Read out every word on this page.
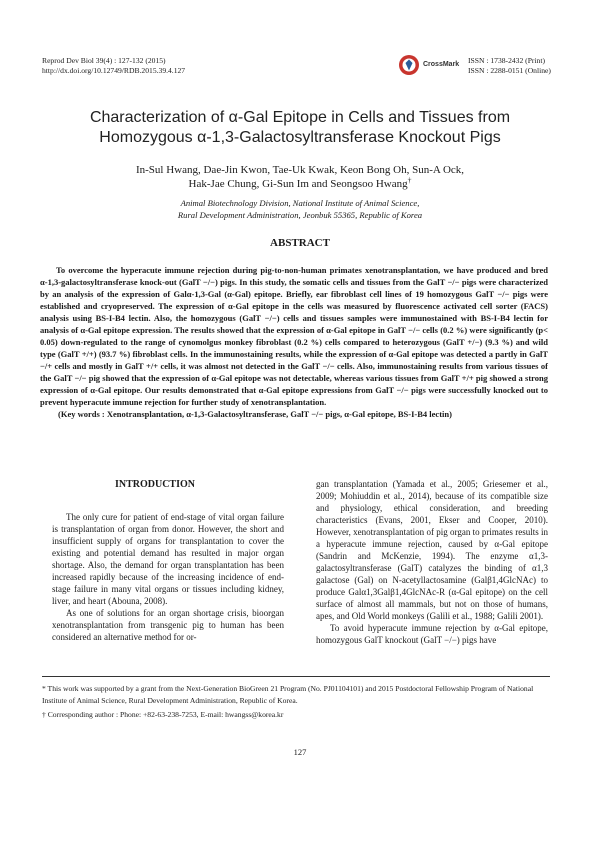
Reprod Dev Biol 39(4) : 127-132 (2015)
http://dx.doi.org/10.12749/RDB.2015.39.4.127
CrossMark ISSN : 1738-2432 (Print)
ISSN : 2288-0151 (Online)
Characterization of α-Gal Epitope in Cells and Tissues from
Homozygous α-1,3-Galactosyltransferase Knockout Pigs
In-Sul Hwang, Dae-Jin Kwon, Tae-Uk Kwak, Keon Bong Oh, Sun-A Ock,
Hak-Jae Chung, Gi-Sun Im and Seongsoo Hwang†
Animal Biotechnology Division, National Institute of Animal Science,
Rural Development Administration, Jeonbuk 55365, Republic of Korea
ABSTRACT

To overcome the hyperacute immune rejection during pig-to-non-human primates xenotransplantation, we have produced and bred α-1,3-galactosyltransferase knock-out (GalT −/−) pigs. In this study, the somatic cells and tissues from the GalT −/− pigs were characterized by an analysis of the expression of Galα-1,3-Gal (α-Gal) epitope. Briefly, ear fibroblast cell lines of 19 homozygous GalT −/− pigs were established and cryopreserved. The expression of α-Gal epitope in the cells was measured by fluorescence activated cell sorter (FACS) analysis using BS-I-B4 lectin. Also, the homozygous (GalT −/−) cells and tissues samples were immunostained with BS-I-B4 lectin for analysis of α-Gal epitope expression. The results showed that the expression of α-Gal epitope in GalT −/− cells (0.2 %) were significantly (p< 0.05) down-regulated to the range of cynomolgus monkey fibroblast (0.2 %) cells compared to heterozygous (GalT +/−) (9.3 %) and wild type (GalT +/+) (93.7 %) fibroblast cells. In the immunostaining results, while the expression of α-Gal epitope was detected a partly in GalT −/+ cells and mostly in GalT +/+ cells, it was almost not detected in the GalT −/− cells. Also, immunostaining results from various tissues of the GalT −/− pig showed that the expression of α-Gal epitope was not detectable, whereas various tissues from GalT +/+ pig showed a strong expression of α-Gal epitope. Our results demonstrated that α-Gal epitope expressions from GalT −/− pigs were successfully knocked out to prevent hyperacute immune rejection for further study of xenotransplantation.

(Key words : Xenotransplantation, α-1,3-Galactosyltransferase, GalT −/− pigs, α-Gal epitope, BS-I-B4 lectin)

INTRODUCTION

The only cure for patient of end-stage of vital organ failure is transplantation of organ from donor. However, the short and insufficient supply of organs for transplantation to cover the existing and potential demand has resulted in major organ shortage. Also, the demand for organ transplantation has been increased rapidly because of the increasing incidence of end-stage failure in many vital organs or tissues including kidney, liver, and heart (Abouna, 2008).

As one of solutions for an organ shortage crisis, bioorgan xenotransplantation from transgenic pig to human has been considered an alternative method for or-

gan transplantation (Yamada et al., 2005; Griesemer et al., 2009; Mohiuddin et al., 2014), because of its compatible size and physiology, ethical consideration, and breeding characteristics (Evans, 2001, Ekser and Cooper, 2010). However, xenotransplantation of pig organ to primates results in a hyperacute immune rejection, caused by α-Gal epitope (Sandrin and McKenzie, 1994). The enzyme α1,3-galactosyltransferase (GalT) catalyzes the binding of α1,3 galactose (Gal) on N-acetyllactosamine (Galβ1,4GlcNAc) to produce Galα1,3Galβ1,4GlcNAc-R (α-Gal epitope) on the cell surface of almost all mammals, but not on those of humans, apes, and Old World monkeys (Galili et al., 1988; Galili 2001).

To avoid hyperacute immune rejection by α-Gal epitope, homozygous GalT knockout (GalT −/−) pigs have

* This work was supported by a grant from the Next-Generation BioGreen 21 Program (No. PJ01104101) and 2015 Postdoctoral Fellowship Program of National Institute of Animal Science, Rural Development Administration, Republic of Korea.

† Corresponding author : Phone: +82-63-238-7253, E-mail: hwangss@korea.kr

127
